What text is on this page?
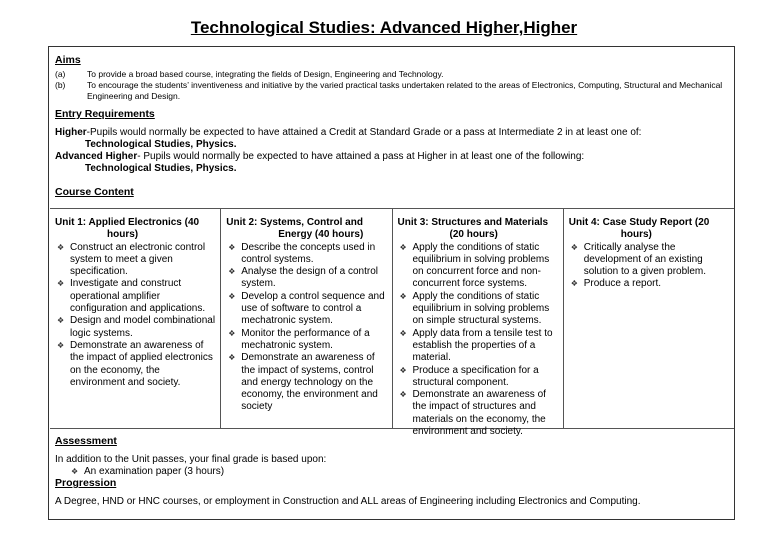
Technological Studies: Advanced Higher,Higher
Aims
(a)	To provide a broad based course, integrating the fields of Design, Engineering and Technology.
(b)	To encourage the students’ inventiveness and initiative by the varied practical tasks undertaken related to the areas of Electronics, Computing, Structural and Mechanical Engineering and Design.
Entry Requirements
Higher-Pupils would normally be expected to have attained a Credit at Standard Grade or a pass at Intermediate 2 in at least one of:
Technological Studies, Physics.
Advanced Higher- Pupils would normally be expected to have attained a pass at Higher in at least one of the following:
Technological Studies, Physics.
Course Content
Unit 1: Applied Electronics (40 hours)
❖ Construct an electronic control system to meet a given specification.
❖ Investigate and construct operational amplifier configuration and applications.
❖ Design and model combinational logic systems.
❖ Demonstrate an awareness of the impact of applied electronics on the economy, the environment and society.
Unit 2: Systems, Control and Energy (40 hours)
❖ Describe the concepts used in control systems.
❖ Analyse the design of a control system.
❖ Develop a control sequence and use of software to control a mechatronic system.
❖ Monitor the performance of a mechatronic system.
❖ Demonstrate an awareness of the impact of systems, control and energy technology on the economy, the environment and society
Unit 3: Structures and Materials (20 hours)
❖ Apply the conditions of static equilibrium in solving problems on concurrent force and non-concurrent force systems.
❖ Apply the conditions of static equilibrium in solving problems on simple structural systems.
❖ Apply data from a tensile test to establish the properties of a material.
❖ Produce a specification for a structural component.
❖ Demonstrate an awareness of the impact of structures and materials on the economy, the environment and society.
Unit 4: Case Study Report (20 hours)
❖ Critically analyse the development of an existing solution to a given problem.
❖ Produce a report.
Assessment
In addition to the Unit passes, your final grade is based upon:
❖ An examination paper (3 hours)
Progression
A Degree, HND or HNC courses, or employment in Construction and ALL areas of Engineering including Electronics and Computing.
